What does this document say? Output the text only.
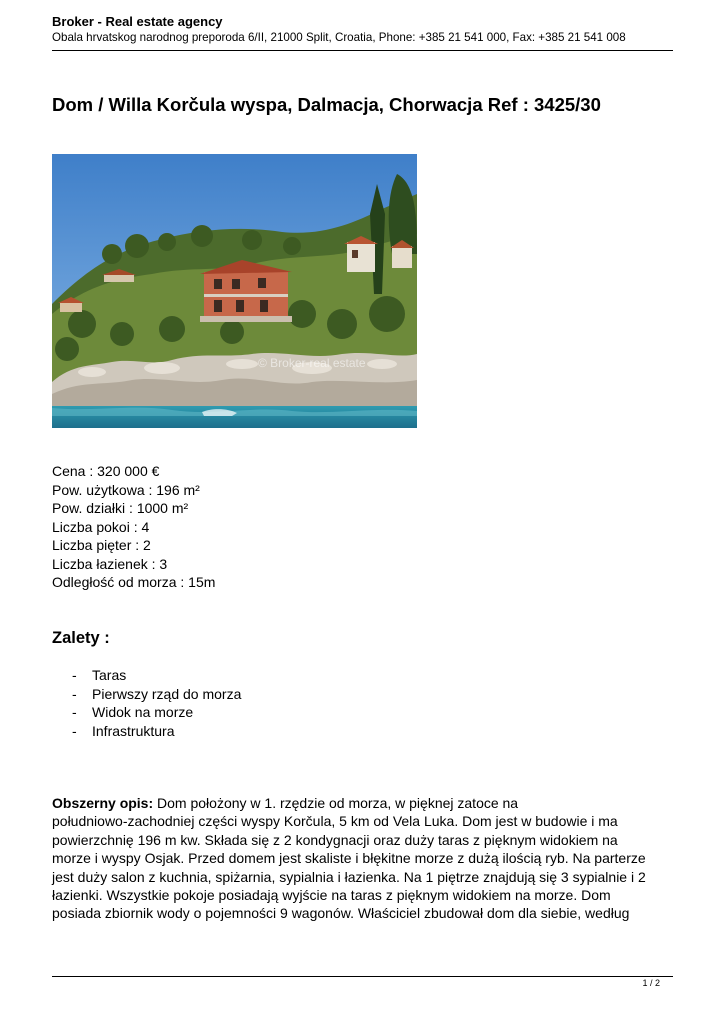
Broker - Real estate agency
Obala hrvatskog narodnog preporoda 6/II, 21000 Split, Croatia, Phone: +385 21 541 000, Fax: +385 21 541 008
Dom / Willa Korčula wyspa, Dalmacja, Chorwacja Ref : 3425/30
© Broker-real estate
Cena : 320 000 €
Pow. użytkowa : 196 m²
Pow. działki : 1000 m²
Liczba pokoi : 4
Liczba pięter : 2
Liczba łazienek : 3
Odległość od morza : 15m
Zalety :
- Taras
- Pierwszy rząd do morza
- Widok na morze
- Infrastruktura
Obszerny opis: Dom położony w 1. rzędzie od morza, w pięknej zatoce na
południowo-zachodniej części wyspy Korčula, 5 km od Vela Luka. Dom jest w budowie i ma
powierzchnię 196 m kw. Składa się z 2 kondygnacji oraz duży taras z pięknym widokiem na
morze i wyspy Osjak. Przed domem jest skaliste i błękitne morze z dużą ilością ryb. Na parterze
jest duży salon z kuchnia, spiżarnia, sypialnia i łazienka. Na 1 piętrze znajdują się 3 sypialnie i 2
łazienki. Wszystkie pokoje posiadają wyjście na taras z pięknym widokiem na morze. Dom
posiada zbiornik wody o pojemności 9 wagonów. Właściciel zbudował dom dla siebie, według
1 / 2
